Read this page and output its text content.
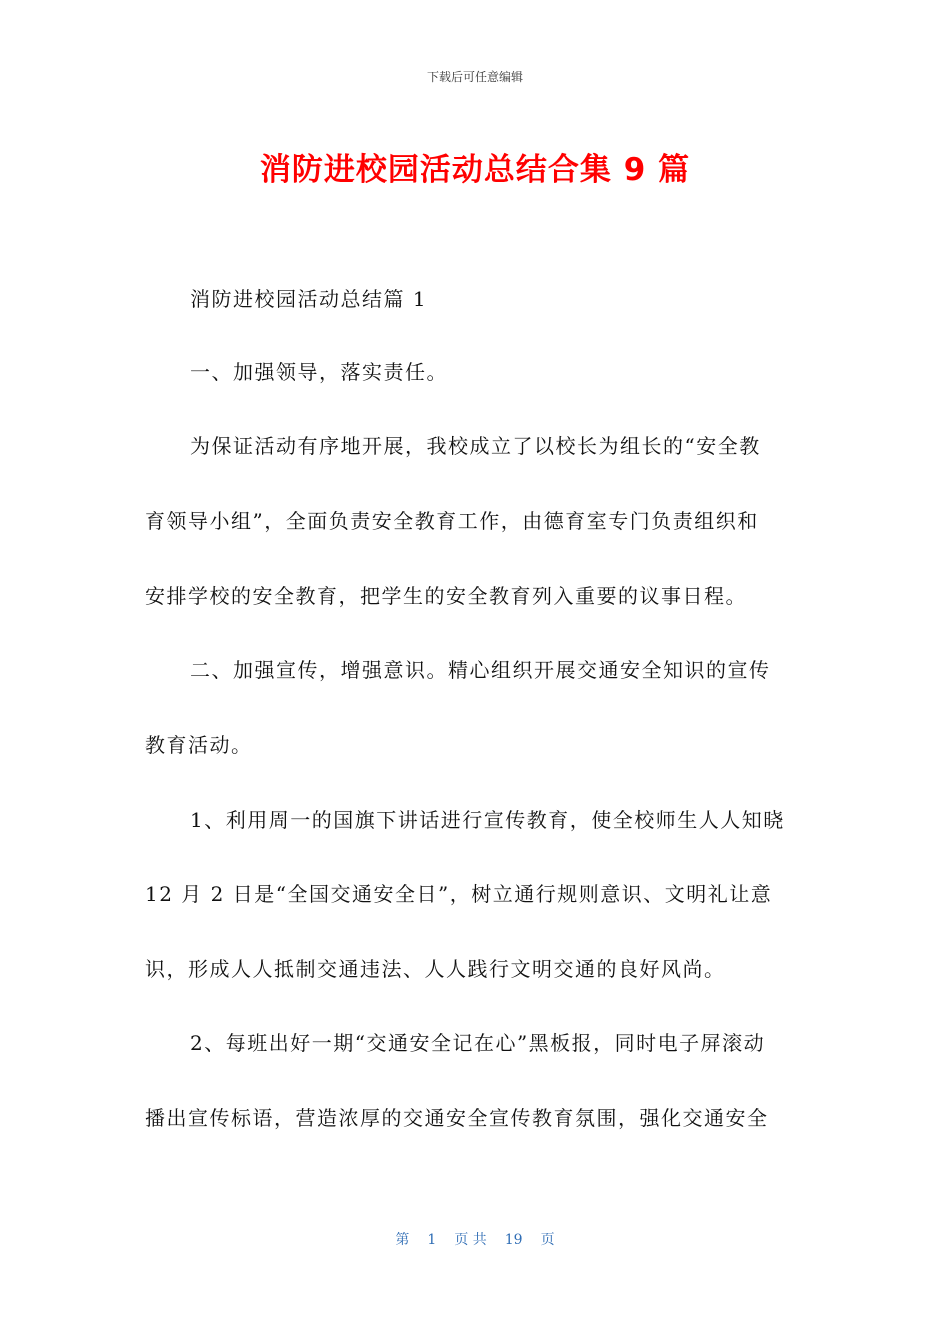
下载后可任意编辑
消防进校园活动总结合集 9 篇
消防进校园活动总结篇 1
一、加强领导，落实责任。
为保证活动有序地开展，我校成立了以校长为组长的“安全教
育领导小组”，全面负责安全教育工作，由德育室专门负责组织和
安排学校的安全教育，把学生的安全教育列入重要的议事日程。
二、加强宣传，增强意识。精心组织开展交通安全知识的宣传
教育活动。
1、利用周一的国旗下讲话进行宣传教育，使全校师生人人知晓
12 月 2 日是“全国交通安全日”，树立通行规则意识、文明礼让意
识，形成人人抵制交通违法、人人践行文明交通的良好风尚。
2、每班出好一期“交通安全记在心”黑板报，同时电子屏滚动
播出宣传标语，营造浓厚的交通安全宣传教育氛围，强化交通安全
第 1 页 共 19 页
